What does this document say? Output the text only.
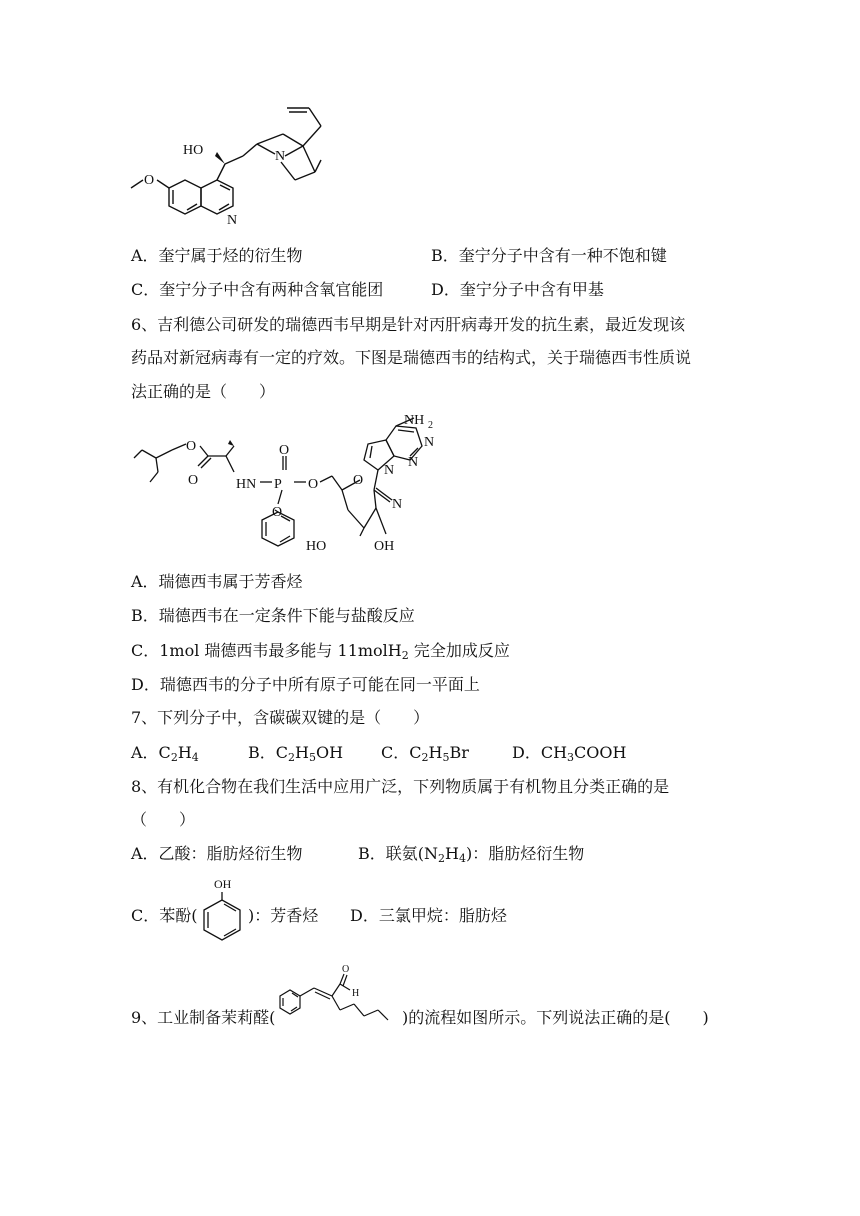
HO	N
N
O
A．奎宁属于烃的衍生物	B．奎宁分子中含有一种不饱和键
C．奎宁分子中含有两种含氧官能团	D．奎宁分子中含有甲基
6、吉利德公司研发的瑞德西韦早期是针对丙肝病毒开发的抗生素，最近发现该
药品对新冠病毒有一定的疗效。下图是瑞德西韦的结构式，关于瑞德西韦性质说
法正确的是（　　）
O
O	HN P
O
O
O
O
N
N
N
N
NH 2
HO	OH
A．瑞德西韦属于芳香烃
B．瑞德西韦在一定条件下能与盐酸反应
C．1mol 瑞德西韦最多能与 11molH$_2$ 完全加成反应
D．瑞德西韦的分子中所有原子可能在同一平面上
7、下列分子中，含碳碳双键的是（　　）
A．$C_2H_4$	B．$C_2H_5OH$ C．$C_2H_5Br$	D．$CH_3COOH$
8、有机化合物在我们生活中应用广泛，下列物质属于有机物且分类正确的是
（　　）
A．乙酸：脂肪烃衍生物	B．联氨$(N_2H_4)$：脂肪烃衍生物
C．苯酚(
OH
)：芳香烃 D．三氯甲烷：脂肪烃
9、工业制备茉莉醛(
O
H
)的流程如图所示。下列说法正确的是(　　)
